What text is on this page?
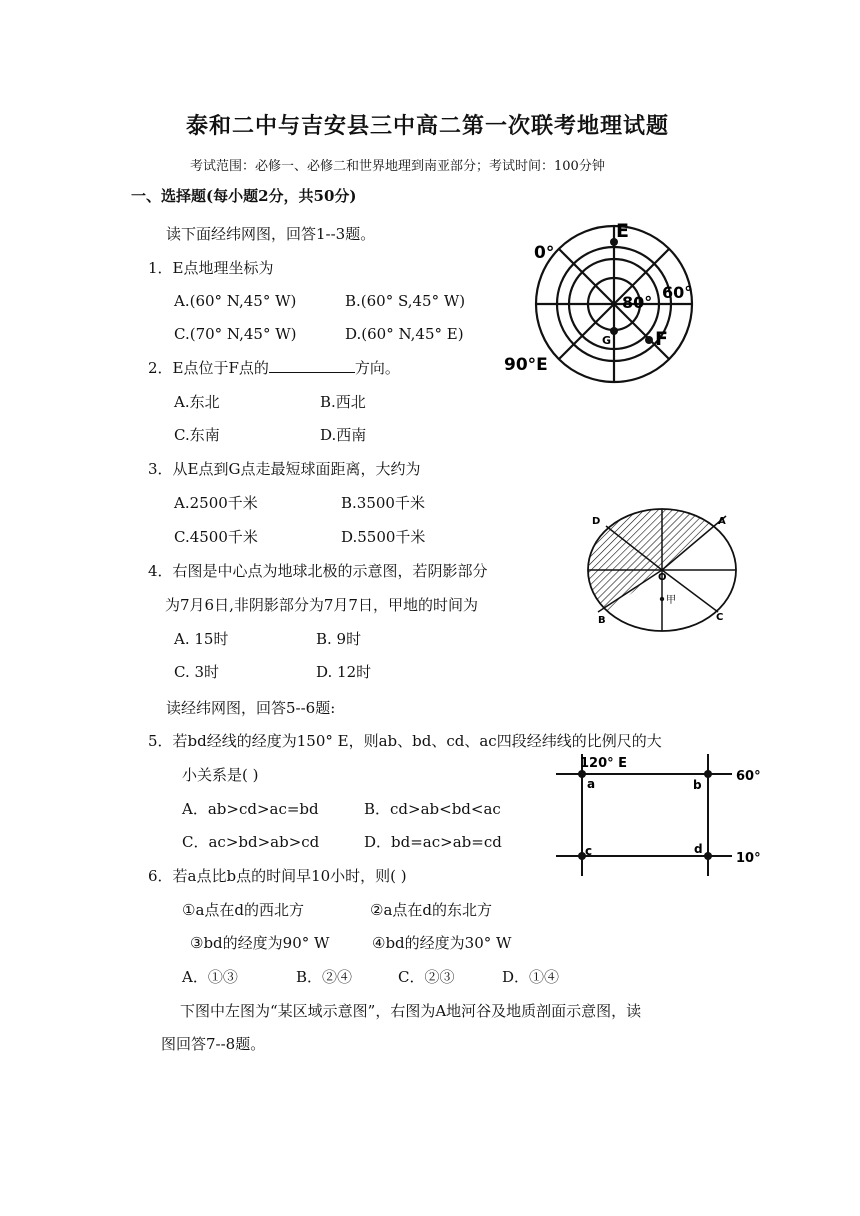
泰和二中与吉安县三中高二第一次联考地理试题
考试范围：必修一、必修二和世界地理到南亚部分；考试时间：100分钟
一、选择题(每小题2分，共50分)
读下面经纬网图，回答1--3题。
1．E点地理坐标为
A.(60° N,45° W)	B.(60° S,45° W)
C.(70° N,45° W)	D.(60° N,45° E)
2．E点位于F点的	方向。
A.东北	B.西北
C.东南	D.西南
3．从E点到G点走最短球面距离，大约为
A.2500千米	B.3500千米
C.4500千米	D.5500千米
4．右图是中心点为地球北极的示意图，若阴影部分
为7月6日,非阴影部分为7月7日，甲地的时间为
A. 15时	B. 9时
C. 3时	D. 12时
读经纬网图，回答5--6题:
5．若bd经线的经度为150° E，则ab、bd、cd、ac四段经纬线的比例尺的大
小关系是( )
A．ab>cd>ac=bd	B．cd>ab<bd<ac
C．ac>bd>ab>cd	D．bd=ac>ab=cd
6．若a点比b点的时间早10小时，则( )
①a点在d的西北方	②a点在d的东北方
③bd的经度为90° W	④bd的经度为30° W
A．①③	B．②④	C．②③	D．①④
下图中左图为“某区域示意图”，右图为A地河谷及地质剖面示意图，读
图回答7--8题。
E
0°
60°
80°
F
G
90°E
D	A
O
甲
B	C
120° E
a	b
c	d
60°
10°
